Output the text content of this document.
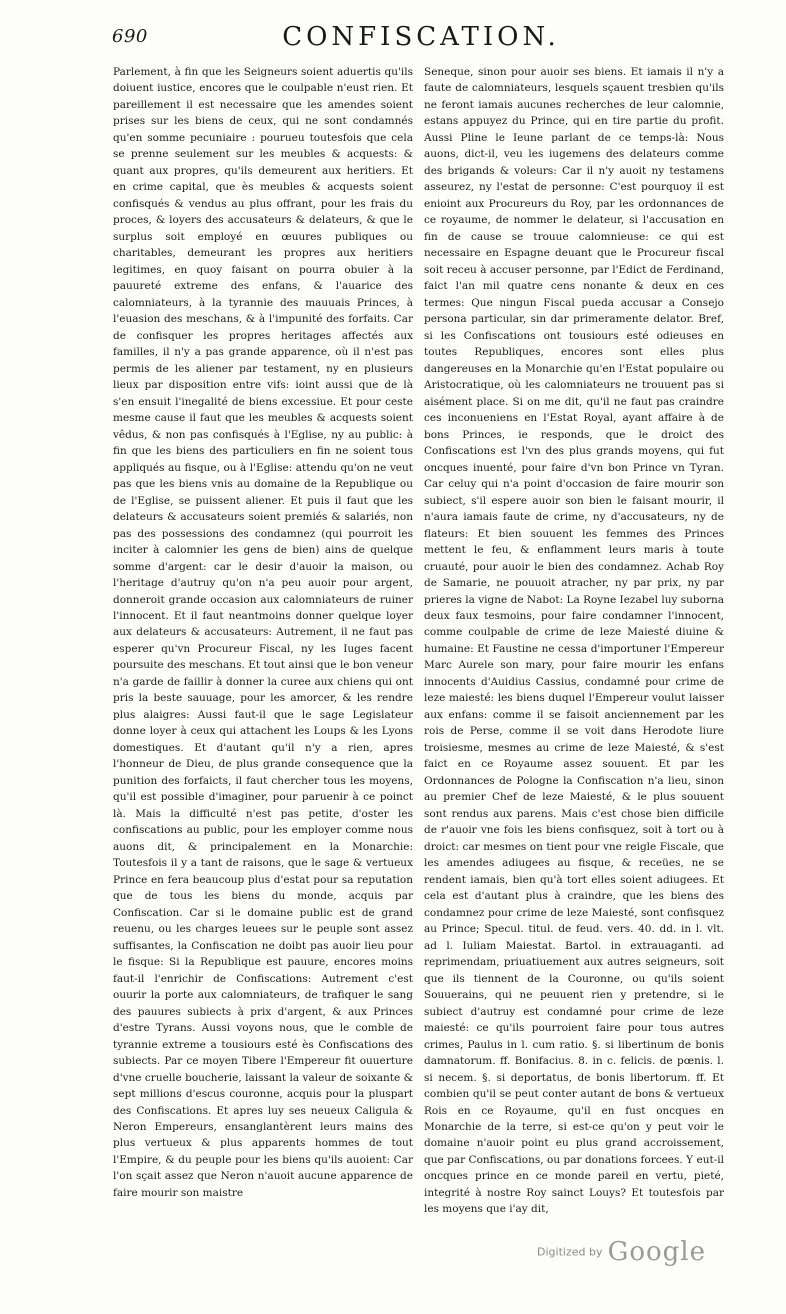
690	CONFISCATION.

Parlement, à fin que les Seigneurs soient aduertis qu'ils doiuent iustice, encores que le coulpable n'eust rien. Et pareillement il est necessaire que les amendes soient prises sur les biens de ceux, qui ne sont condamnés qu'en somme pecuniaire : pourueu toutesfois que cela se prenne seulement sur les meubles & acquests: & quant aux propres, qu'ils demeurent aux heritiers. Et en crime capital, que ès meubles & acquests soient confisqués & vendus au plus offrant, pour les frais du proces, & loyers des accusateurs & delateurs, & que le surplus soit employé en œuures publiques ou charitables, demeurant les propres aux heritiers legitimes, en quoy faisant on pourra obuier à la pauureté extreme des enfans, & l'auarice des calomniateurs, à la tyrannie des mauuais Princes, à l'euasion des meschans, & à l'impunité des forfaits. Car de confisquer les propres heritages affectés aux familles, il n'y a pas grande apparence, où il n'est pas permis de les aliener par testament, ny en plusieurs lieux par disposition entre vifs: ioint aussi que de là s'en ensuit l'inegalité de biens excessiue. Et pour ceste mesme cause il faut que les meubles & acquests soient vêdus, & non pas confisqués à l'Eglise, ny au public: à fin que les biens des particuliers en fin ne soient tous appliqués au fisque, ou à l'Eglise: attendu qu'on ne veut pas que les biens vnis au domaine de la Republique ou de l'Eglise, se puissent aliener. Et puis il faut que les delateurs & accusateurs soient premiés & salariés, non pas des possessions des condamnez (qui pourroit les inciter à calomnier les gens de bien) ains de quelque somme d'argent: car le desir d'auoir la maison, ou l'heritage d'autruy qu'on n'a peu auoir pour argent, donneroit grande occasion aux calomniateurs de ruiner l'innocent. Et il faut neantmoins donner quelque loyer aux delateurs & accusateurs: Autrement, il ne faut pas esperer qu'vn Procureur Fiscal, ny les Iuges facent poursuite des meschans. Et tout ainsi que le bon veneur n'a garde de faillir à donner la curee aux chiens qui ont pris la beste sauuage, pour les amorcer, & les rendre plus alaigres: Aussi faut-il que le sage Legislateur donne loyer à ceux qui attachent les Loups & les Lyons domestiques. Et d'autant qu'il n'y a rien, apres l'honneur de Dieu, de plus grande consequence que la punition des forfaicts, il faut chercher tous les moyens, qu'il est possible d'imaginer, pour paruenir à ce poinct là. Mais la difficulté n'est pas petite, d'oster les confiscations au public, pour les employer comme nous auons dit, & principalement en la Monarchie: Toutesfois il y a tant de raisons, que le sage & vertueux Prince en fera beaucoup plus d'estat pour sa reputation que de tous les biens du monde, acquis par Confiscation. Car si le domaine public est de grand reuenu, ou les charges leuees sur le peuple sont assez suffisantes, la Confiscation ne doibt pas auoir lieu pour le fisque: Si la Republique est pauure, encores moins faut-il l'enrichir de Confiscations: Autrement c'est ouurir la porte aux calomniateurs, de trafiquer le sang des pauures subiects à prix d'argent, & aux Princes d'estre Tyrans. Aussi voyons nous, que le comble de tyrannie extreme a tousiours esté ès Confiscations des subiects. Par ce moyen Tibere l'Empereur fit ouuerture d'vne cruelle boucherie, laissant la valeur de soixante & sept millions d'escus couronne, acquis pour la pluspart des Confiscations. Et apres luy ses neueux Caligula & Neron Empereurs, ensanglantèrent leurs mains des plus vertueux & plus apparents hommes de tout l'Empire, & du peuple pour les biens qu'ils auoient: Car l'on sçait assez que Neron n'auoit aucune apparence de faire mourir son maistre

Seneque, sinon pour auoir ses biens. Et iamais il n'y a faute de calomniateurs, lesquels sçauent tresbien qu'ils ne feront iamais aucunes recherches de leur calomnie, estans appuyez du Prince, qui en tire partie du profit. Aussi Pline le Ieune parlant de ce temps-là: Nous auons, dict-il, veu les iugemens des delateurs comme des brigands & voleurs: Car il n'y auoit ny testamens asseurez, ny l'estat de personne: C'est pourquoy il est enioint aux Procureurs du Roy, par les ordonnances de ce royaume, de nommer le delateur, si l'accusation en fin de cause se trouue calomnieuse: ce qui est necessaire en Espagne deuant que le Procureur fiscal soit receu à accuser personne, par l'Edict de Ferdinand, faict l'an mil quatre cens nonante & deux en ces termes: Que ningun Fiscal pueda accusar a Consejo persona particular, sin dar primeramente delator. Bref, si les Confiscations ont tousiours esté odieuses en toutes Republiques, encores sont elles plus dangereuses en la Monarchie qu'en l'Estat populaire ou Aristocratique, où les calomniateurs ne trouuent pas si aisément place. Si on me dit, qu'il ne faut pas craindre ces inconueniens en l'Estat Royal, ayant affaire à de bons Princes, ie responds, que le droict des Confiscations est l'vn des plus grands moyens, qui fut oncques inuenté, pour faire d'vn bon Prince vn Tyran. Car celuy qui n'a point d'occasion de faire mourir son subiect, s'il espere auoir son bien le faisant mourir, il n'aura iamais faute de crime, ny d'accusateurs, ny de flateurs: Et bien souuent les femmes des Princes mettent le feu, & enflamment leurs maris à toute cruauté, pour auoir le bien des condamnez. Achab Roy de Samarie, ne pouuoit atracher, ny par prix, ny par prieres la vigne de Nabot: La Royne Iezabel luy suborna deux faux tesmoins, pour faire condamner l'innocent, comme coulpable de crime de leze Maiesté diuine & humaine: Et Faustine ne cessa d'importuner l'Empereur Marc Aurele son mary, pour faire mourir les enfans innocents d'Auidius Cassius, condamné pour crime de leze maiesté: les biens duquel l'Empereur voulut laisser aux enfans: comme il se faisoit anciennement par les rois de Perse, comme il se voit dans Herodote liure troisiesme, mesmes au crime de leze Maiesté, & s'est faict en ce Royaume assez souuent. Et par les Ordonnances de Pologne la Confiscation n'a lieu, sinon au premier Chef de leze Maiesté, & le plus souuent sont rendus aux parens. Mais c'est chose bien difficile de r'auoir vne fois les biens confisquez, soit à tort ou à droict: car mesmes on tient pour vne reigle Fiscale, que les amendes adiugees au fisque, & receües, ne se rendent iamais, bien qu'à tort elles soient adiugees. Et cela est d'autant plus à craindre, que les biens des condamnez pour crime de leze Maiesté, sont confisquez au Prince; Specul. titul. de feud. vers. 40. dd. in l. vlt. ad l. Iuliam Maiestat. Bartol. in extrauaganti. ad reprimendam, priuatiuement aux autres seigneurs, soit que ils tiennent de la Couronne, ou qu'ils soient Souuerains, qui ne peuuent rien y pretendre, si le subiect d'autruy est condamné pour crime de leze maiesté: ce qu'ils pourroient faire pour tous autres crimes, Paulus in l. cum ratio. §. si libertinum de bonis damnatorum. ff. Bonifacius. 8. in c. felicis. de pœnis. l. si necem. §. si deportatus, de bonis libertorum. ff. Et combien qu'il se peut conter autant de bons & vertueux Rois en ce Royaume, qu'il en fust oncques en Monarchie de la terre, si est-ce qu'on y peut voir le domaine n'auoir point eu plus grand accroissement, que par Confiscations, ou par donations forcees. Y eut-il oncques prince en ce monde pareil en vertu, pieté, integrité à nostre Roy sainct Louys? Et toutesfois par les moyens que i'ay dit,

Digitized by Google
